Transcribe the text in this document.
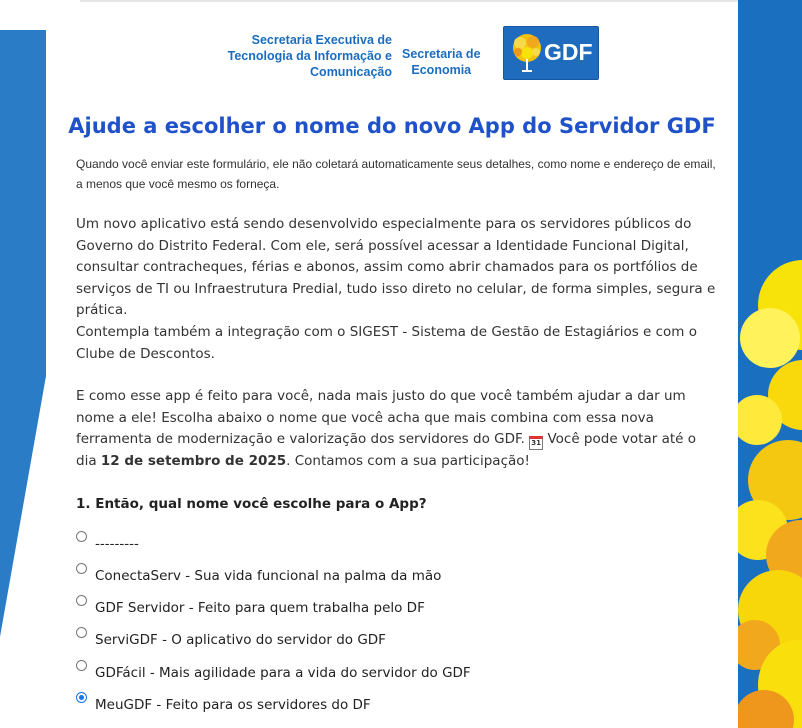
Secretaria Executiva de
Tecnologia da Informação e
Comunicação
Secretaria de
Economia
GDF
Ajude a escolher o nome do novo App do Servidor GDF

Quando você enviar este formulário, ele não coletará automaticamente seus detalhes, como nome e endereço de email, a menos que você mesmo os forneça.

Um novo aplicativo está sendo desenvolvido especialmente para os servidores públicos do Governo do Distrito Federal. Com ele, será possível acessar a Identidade Funcional Digital, consultar contracheques, férias e abonos, assim como abrir chamados para os portfólios de serviços de TI ou Infraestrutura Predial, tudo isso direto no celular, de forma simples, segura e prática.

Contempla também a integração com o SIGEST - Sistema de Gestão de Estagiários e com o Clube de Descontos.

E como esse app é feito para você, nada mais justo do que você também ajudar a dar um nome a ele! Escolha abaixo o nome que você acha que mais combina com essa nova ferramenta de modernização e valorização dos servidores do GDF. 31 Você pode votar até o dia 12 de setembro de 2025. Contamos com a sua participação!

1. Então, qual nome você escolhe para o App?

---------
ConectaServ - Sua vida funcional na palma da mão
GDF Servidor - Feito para quem trabalha pelo DF
ServiGDF - O aplicativo do servidor do GDF
GDFácil - Mais agilidade para a vida do servidor do GDF
MeuGDF - Feito para os servidores do DF
